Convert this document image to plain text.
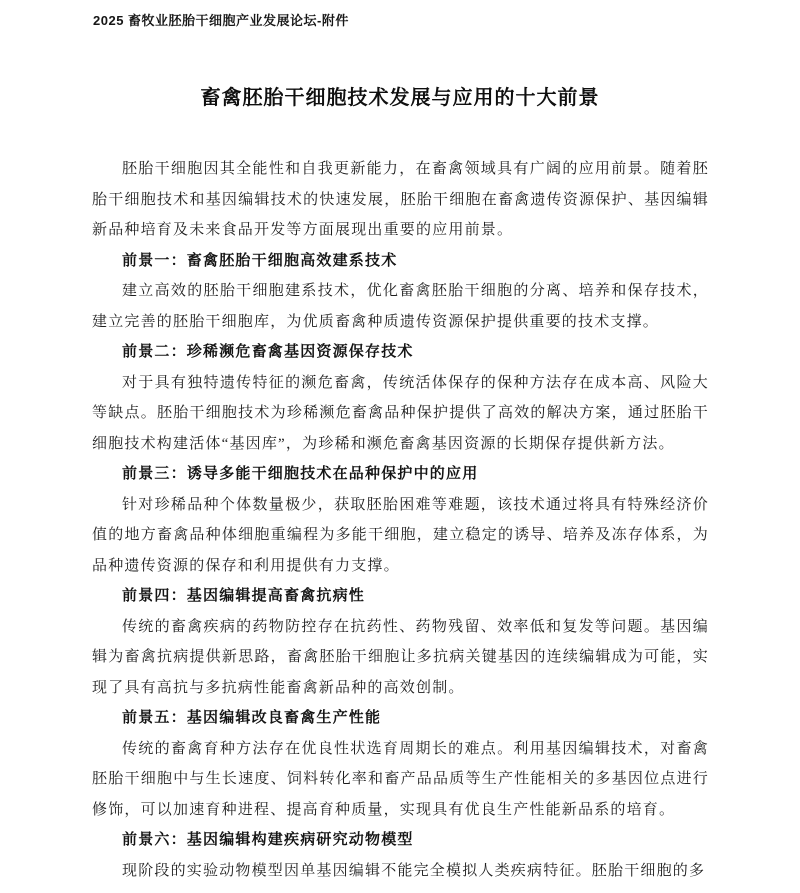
2025 畜牧业胚胎干细胞产业发展论坛-附件
畜禽胚胎干细胞技术发展与应用的十大前景

胚胎干细胞因其全能性和自我更新能力，在畜禽领域具有广阔的应用前景。随着胚胎干细胞技术和基因编辑技术的快速发展，胚胎干细胞在畜禽遗传资源保护、基因编辑新品种培育及未来食品开发等方面展现出重要的应用前景。

前景一：畜禽胚胎干细胞高效建系技术

建立高效的胚胎干细胞建系技术，优化畜禽胚胎干细胞的分离、培养和保存技术，建立完善的胚胎干细胞库，为优质畜禽种质遗传资源保护提供重要的技术支撑。

前景二：珍稀濒危畜禽基因资源保存技术

对于具有独特遗传特征的濒危畜禽，传统活体保存的保种方法存在成本高、风险大等缺点。胚胎干细胞技术为珍稀濒危畜禽品种保护提供了高效的解决方案，通过胚胎干细胞技术构建活体“基因库”，为珍稀和濒危畜禽基因资源的长期保存提供新方法。

前景三：诱导多能干细胞技术在品种保护中的应用

针对珍稀品种个体数量极少，获取胚胎困难等难题，该技术通过将具有特殊经济价值的地方畜禽品种体细胞重编程为多能干细胞，建立稳定的诱导、培养及冻存体系，为品种遗传资源的保存和利用提供有力支撑。

前景四：基因编辑提高畜禽抗病性

传统的畜禽疾病的药物防控存在抗药性、药物残留、效率低和复发等问题。基因编辑为畜禽抗病提供新思路，畜禽胚胎干细胞让多抗病关键基因的连续编辑成为可能，实现了具有高抗与多抗病性能畜禽新品种的高效创制。

前景五：基因编辑改良畜禽生产性能

传统的畜禽育种方法存在优良性状选育周期长的难点。利用基因编辑技术，对畜禽胚胎干细胞中与生长速度、饲料转化率和畜产品品质等生产性能相关的多基因位点进行修饰，可以加速育种进程、提高育种质量，实现具有优良生产性能新品系的培育。

前景六：基因编辑构建疾病研究动物模型

现阶段的实验动物模型因单基因编辑不能完全模拟人类疾病特征。胚胎干细胞的多
